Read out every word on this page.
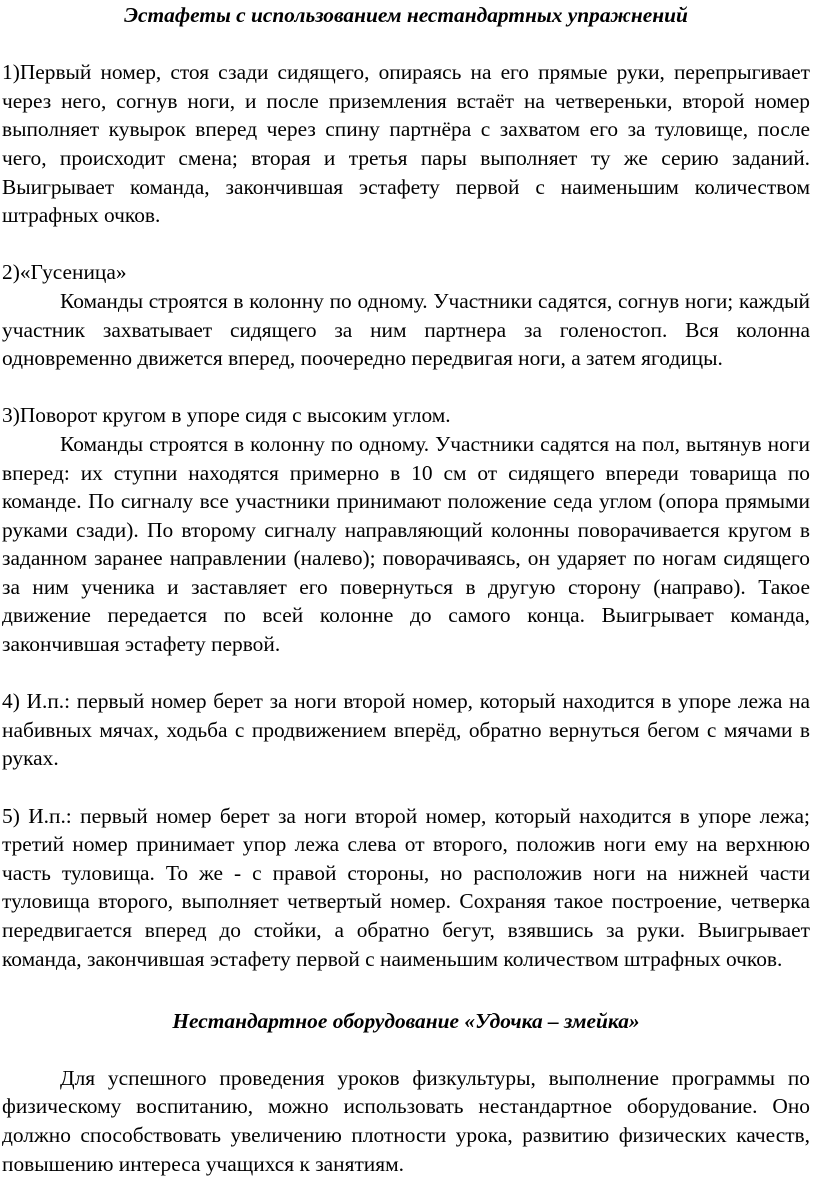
Эстафеты с использованием нестандартных упражнений

1)Первый номер, стоя сзади сидящего, опираясь на его прямые руки, перепрыгивает через него, согнув ноги, и после приземления встаёт на четвереньки, второй номер выполняет кувырок вперед через спину партнёра с захватом его за туловище, после чего, происходит смена; вторая и третья пары выполняет ту же серию заданий. Выигрывает команда, закончившая эстафету первой с наименьшим количеством штрафных очков.

2)«Гусеница»

Команды строятся в колонну по одному. Участники садятся, согнув ноги; каждый участник захватывает сидящего за ним партнера за голеностоп. Вся колонна одновременно движется вперед, поочередно передвигая ноги, а затем ягодицы.

3)Поворот кругом в упоре сидя с высоким углом.

Команды строятся в колонну по одному. Участники садятся на пол, вытянув ноги вперед: их ступни находятся примерно в 10 см от сидящего впереди товарища по команде. По сигналу все участники принимают положение седа углом (опора прямыми руками сзади). По второму сигналу направляющий колонны поворачивается кругом в заданном заранее направлении (налево); поворачиваясь, он ударяет по ногам сидящего за ним ученика и заставляет его повернуться в другую сторону (направо). Такое движение передается по всей колонне до самого конца. Выигрывает команда, закончившая эстафету первой.

4) И.п.: первый номер берет за ноги второй номер, который находится в упоре лежа на набивных мячах, ходьба с продвижением вперёд, обратно вернуться бегом с мячами в руках.

5) И.п.: первый номер берет за ноги второй номер, который находится в упоре лежа; третий номер принимает упор лежа слева от второго, положив ноги ему на верхнюю часть туловища. То же - с правой стороны, но расположив ноги на нижней части туловища второго, выполняет четвертый номер. Сохраняя такое построение, четверка передвигается вперед до стойки, а обратно бегут, взявшись за руки. Выигрывает команда, закончившая эстафету первой с наименьшим количеством штрафных очков.

Нестандартное оборудование «Удочка – змейка»

Для успешного проведения уроков физкультуры, выполнение программы по физическому воспитанию, можно использовать нестандартное оборудование. Оно должно способствовать увеличению плотности урока, развитию физических качеств, повышению интереса учащихся к занятиям.
